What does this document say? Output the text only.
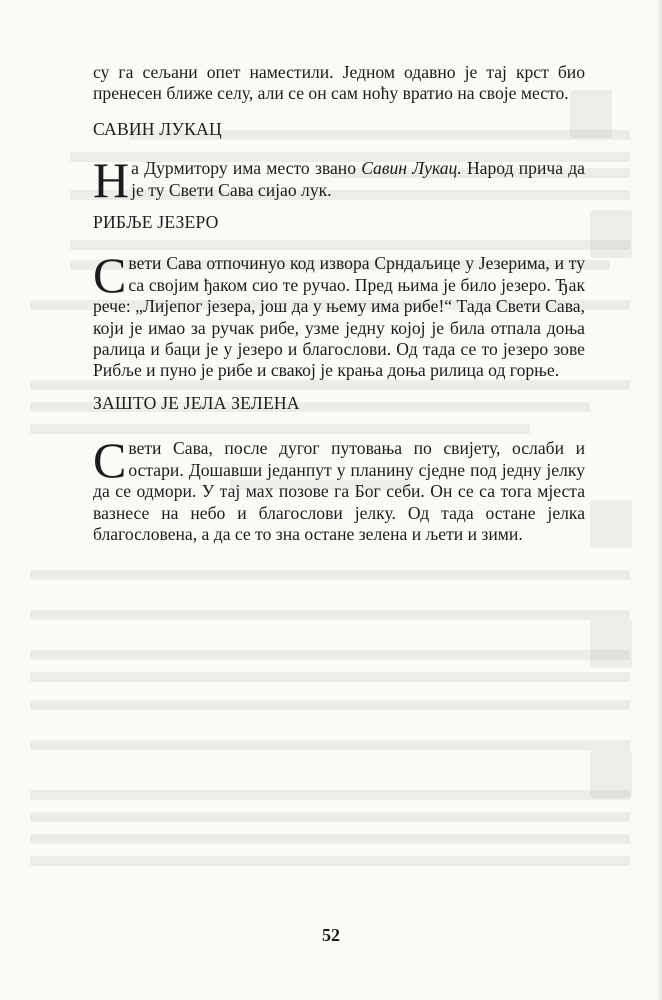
су га сељани опет наместили. Једном одавно је тај крст био пренесен ближе селу, али се он сам ноћу вратио на своје место.

САВИН ЛУКАЦ

На Дурмитору има место звано Савин Лукац. Народ прича да је ту Свети Сава сијао лук.

РИБЉЕ ЈЕЗЕРО

Свети Сава отпочинуо код извора Срндаљице у Језерима, и ту са својим ђаком сио те ручао. Пред њима је било језеро. Ђак рече: „Лијепог језера, још да у њему има рибе!“ Тада Свети Сава, који је имао за ручак рибе, узме једну којој је била отпала доња ралица и баци је у језеро и благослови. Од тада се то језеро зове Рибље и пуно је рибе и свакој је крања доња рилица од горње.

ЗАШТО ЈЕ ЈЕЛА ЗЕЛЕНА

Свети Сава, после дугог путовања по свијету, ослаби и остари. Дошавши једанпут у планину сједне под једну јелку да се одмори. У тај мах позове га Бог себи. Он се са тога мјеста вазнесе на небо и благослови јелку. Од тада остане јелка благословена, а да се то зна остане зелена и љети и зими.

52
